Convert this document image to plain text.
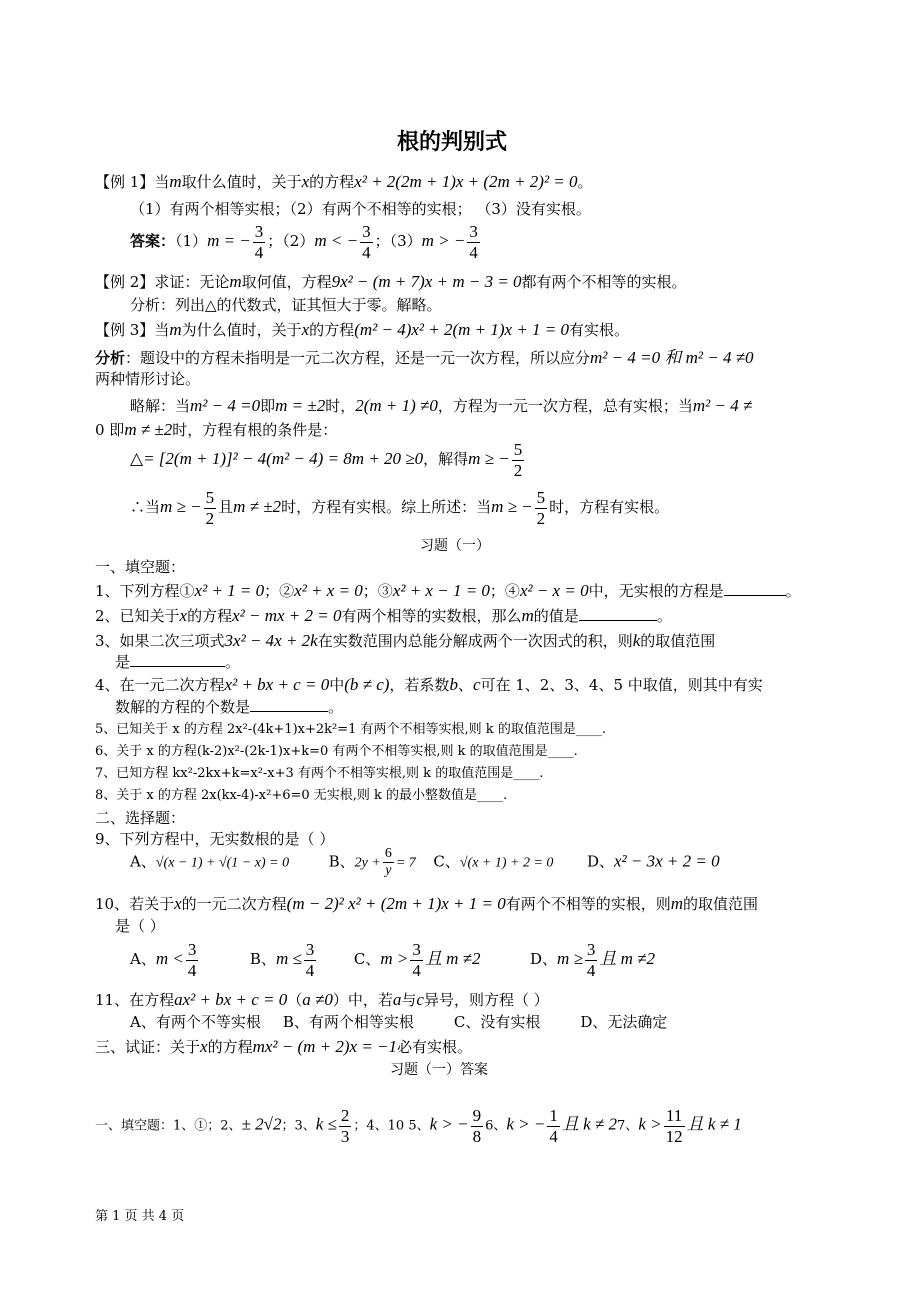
根的判别式
【例 1】当m取什么值时，关于x的方程x² + 2(2m + 1)x + (2m + 2)² = 0。
（1）有两个相等实根；（2）有两个不相等的实根； （3）没有实根。
答案：（1）m = − $\frac{3}{4}$ ；（2）m < − $\frac{3}{4}$ ；（3）m > − $\frac{3}{4}$
【例 2】求证：无论m取何值，方程9x² − (m + 7)x + m − 3 = 0都有两个不相等的实根。
分析：列出△的代数式，证其恒大于零。解略。
【例 3】当m为什么值时，关于x的方程(m² − 4)x² + 2(m + 1)x + 1 = 0有实根。
分析：题设中的方程未指明是一元二次方程，还是一元一次方程，所以应分m² − 4 =0 和 m² − 4 ≠0
两种情形讨论。
略解：当m² − 4 =0即m = ±2时，2(m + 1) ≠0，方程为一元一次方程，总有实根；当m² − 4 ≠
0 即m ≠ ±2时，方程有根的条件是：
△= [2(m + 1)]² − 4(m² − 4) = 8m + 20 ≥0，解得m ≥ − $\frac{5}{2}$
∴当m ≥ − $\frac{5}{2}$ 且m ≠ ±2时，方程有实根。综上所述：当m ≥ − $\frac{5}{2}$ 时，方程有实根。
习题（一）
一、填空题：
1、下列方程①x² + 1 = 0；②x² + x = 0；③x² + x − 1 = 0；④x² − x = 0中，无实根的方程是	。
2、已知关于x的方程x² − mx + 2 = 0有两个相等的实数根，那么m的值是	。
3、如果二次三项式3x² − 4x + 2k在实数范围内总能分解成两个一次因式的积，则k的取值范围
是	。
4、在一元二次方程x² + bx + c = 0中(b ≠ c)，若系数b、c可在 1、2、3、4、5 中取值，则其中有实
数解的方程的个数是	。
5、已知关于 x 的方程 2x²-(4k+1)x+2k²=1 有两个不相等实根,则 k 的取值范围是____.
6、关于 x 的方程(k-2)x²-(2k-1)x+k=0 有两个不相等实根,则 k 的取值范围是____.
7、已知方程 kx²-2kx+k=x²-x+3 有两个不相等实根,则 k 的取值范围是____.
8、关于 x 的方程 2x(kx-4)-x²+6=0 无实根,则 k 的最小整数值是____.
二、选择题：
9、下列方程中，无实数根的是（ ）
A、√(x − 1) + √(1 − x) = 0	B、$2y + \frac{6}{y} = 7$ C、√(x + 1) + 2 = 0 D、x² − 3x + 2 = 0
10、若关于x的一元二次方程(m − 2)² x² + (2m + 1)x + 1 = 0有两个不相等的实根，则m的取值范围
是（ ）
A、$m < \frac{3}{4}$	B、$m \le \frac{3}{4}$	C、$m > \frac{3}{4}$ 且 m ≠2	D、$m \ge \frac{3}{4}$ 且 m ≠2
11、在方程ax² + bx + c = 0（a ≠0）中，若a与c异号，则方程（ ）
A、有两个不等实根 B、有两个相等实根	C、没有实根	D、无法确定
三、试证：关于x的方程mx² − (m + 2)x = −1必有实根。
习题（一）答案
一、填空题：1、①；2、± 2√2；3、$k \le \frac{2}{3}$ ；4、10 5、k > − $\frac{9}{8} 6$、k > − $\frac{1}{4}$ 且 k ≠ 27、$k > \frac{11}{12}$ 且 k ≠ 1
第 1 页 共 4 页
